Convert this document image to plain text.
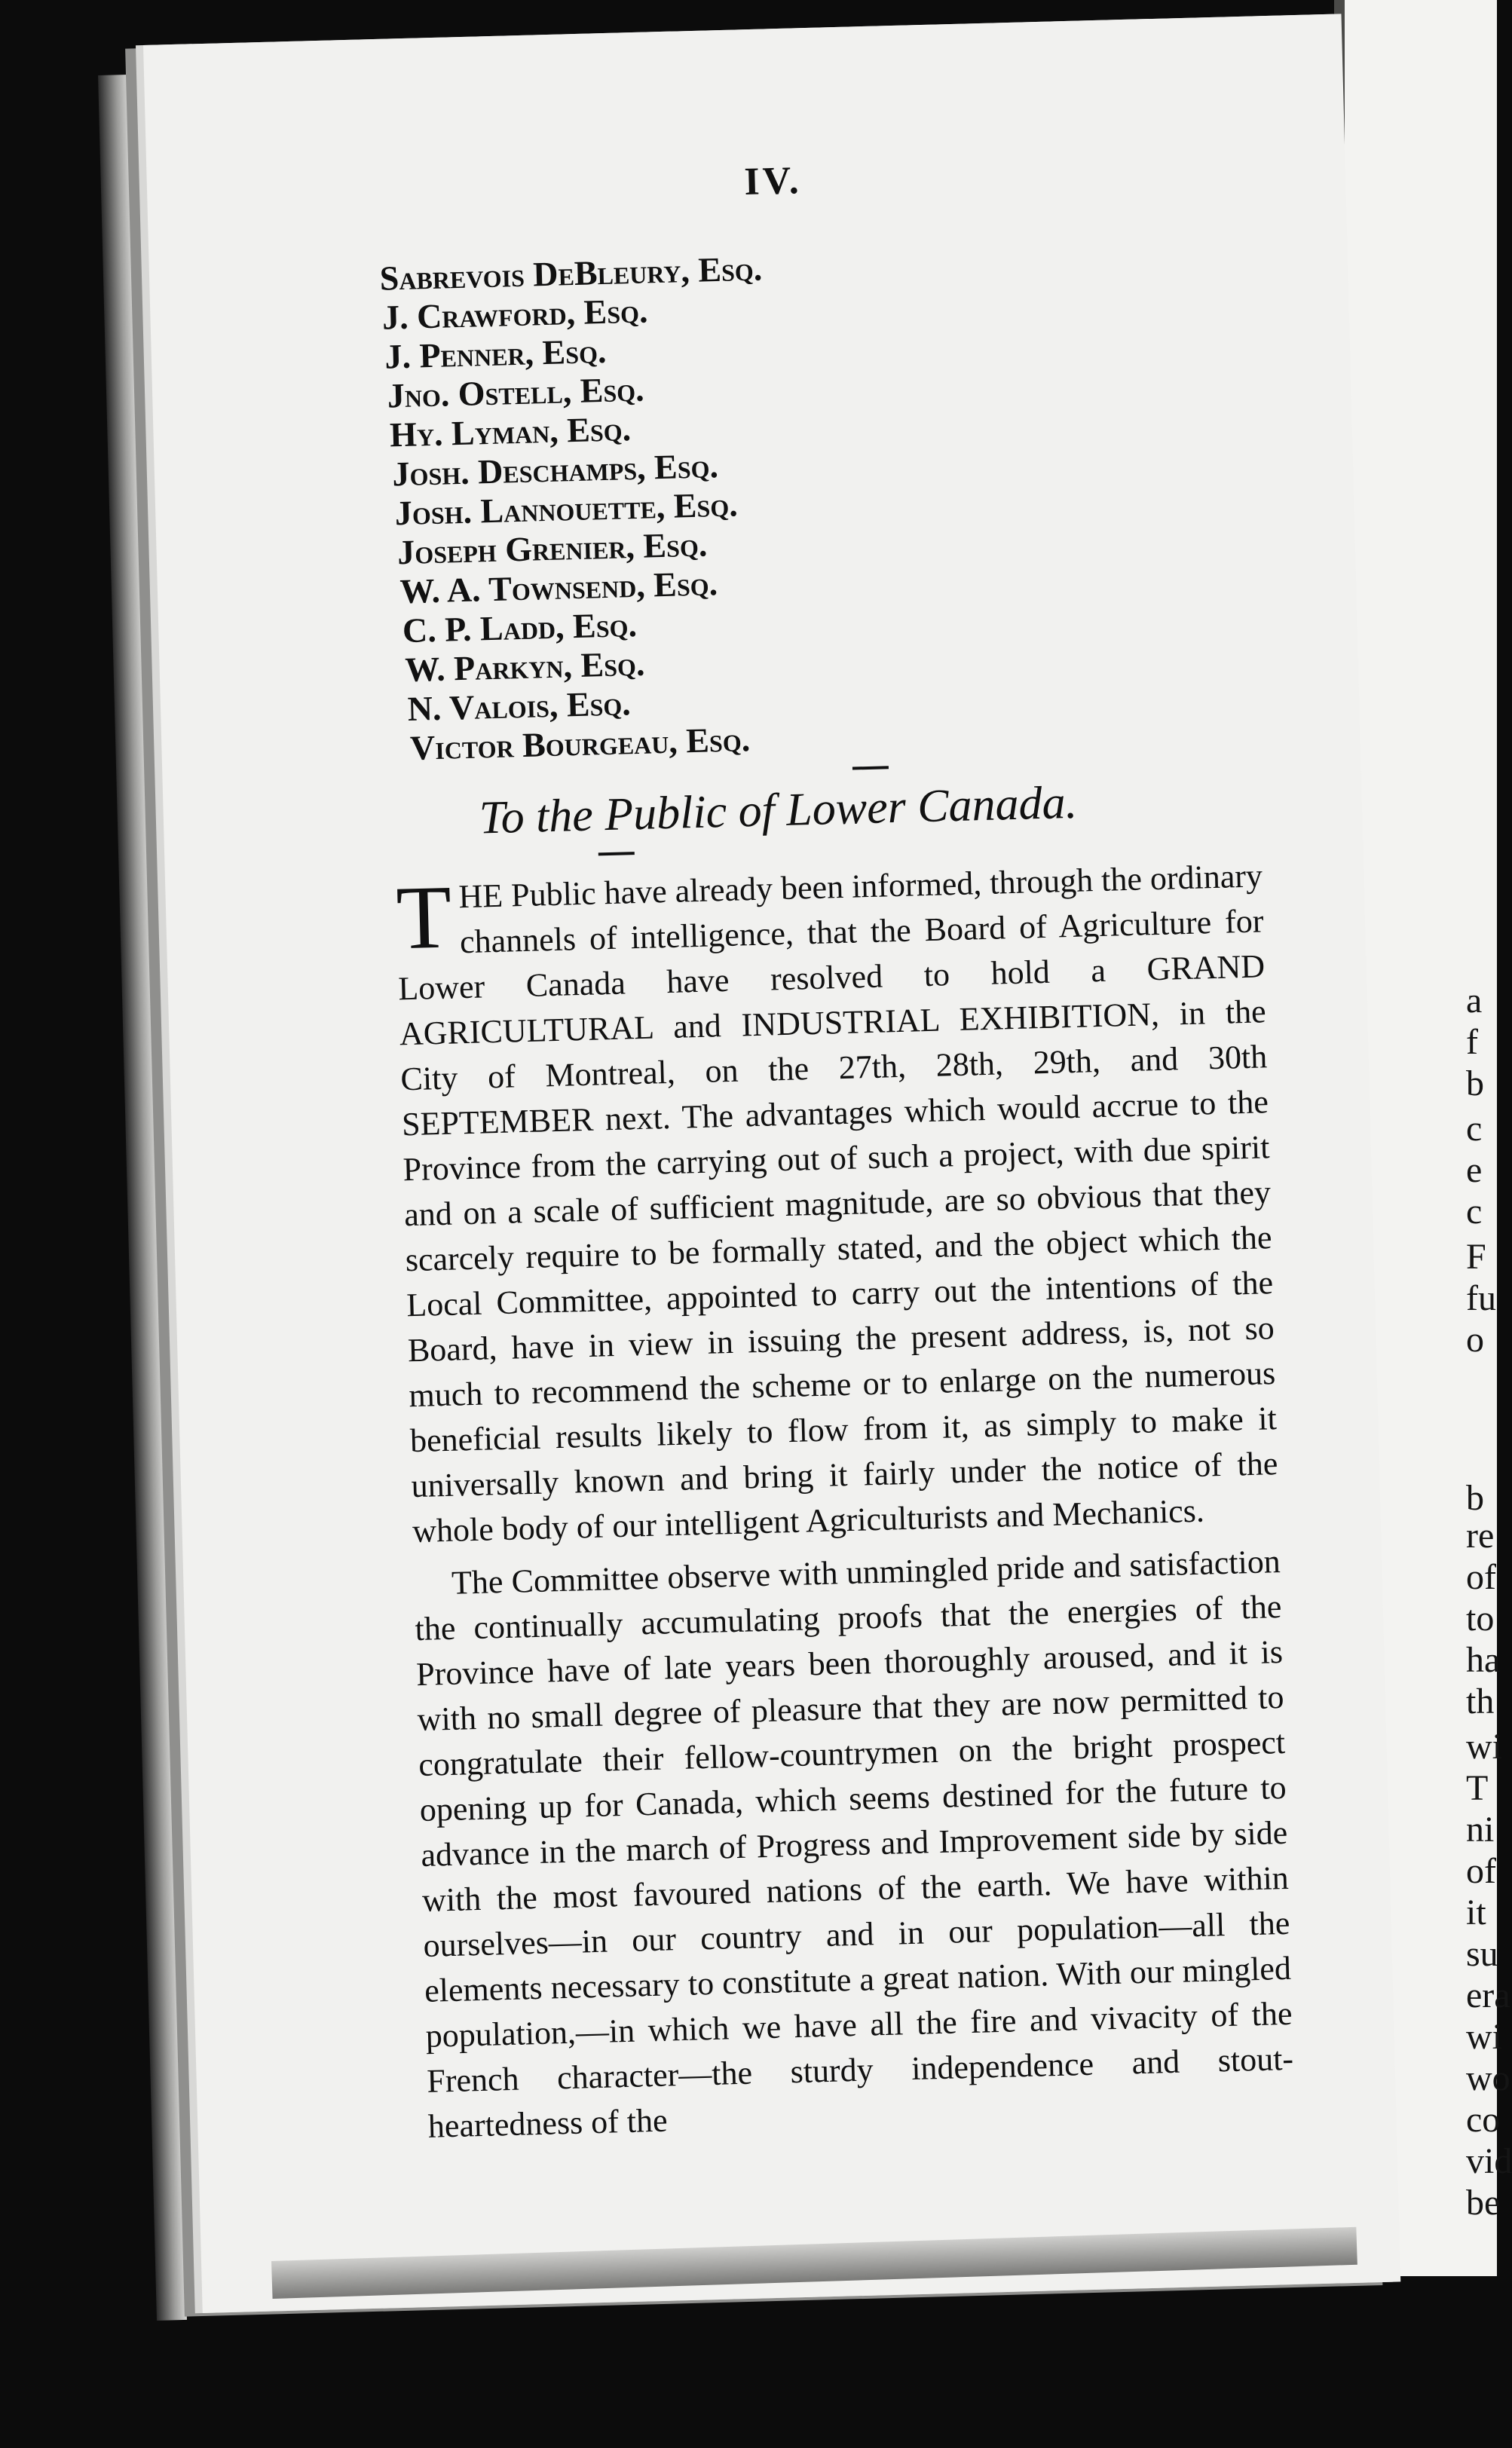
a
f
b
c
e
c
F
fu
o
b
re
of
to
ha
th
wi
T
ni
of
it
su
era
wi
wo
co
vid
be
IV.
Sabrevois DeBleury, Esq.
J. Crawford, Esq.
J. Penner, Esq.
Jno. Ostell, Esq.
Hy. Lyman, Esq.
Josh. Deschamps, Esq.
Josh. Lannouette, Esq.
Joseph Grenier, Esq.
W. A. Townsend, Esq.
C. P. Ladd, Esq.
W. Parkyn, Esq.
N. Valois, Esq.
Victor Bourgeau, Esq.
To the Public of Lower Canada.
T HE Public have already been informed, through the ordinary channels of intelligence, that the Board of Agriculture for Lower Canada have resolved to hold a GRAND AGRICULTURAL and INDUSTRIAL EXHIBITION, in the City of Montreal, on the 27th, 28th, 29th, and 30th SEPTEMBER next. The advantages which would accrue to the Province from the carrying out of such a project, with due spirit and on a scale of sufficient magnitude, are so obvious that they scarcely require to be formally stated, and the object which the Local Committee, appointed to carry out the intentions of the Board, have in view in issuing the present address, is, not so much to recommend the scheme or to enlarge on the numerous beneficial results likely to flow from it, as simply to make it universally known and bring it fairly under the notice of the whole body of our intelligent Agriculturists and Mechanics.
The Committee observe with unmingled pride and satisfaction the continually accumulating proofs that the energies of the Province have of late years been thoroughly aroused, and it is with no small degree of pleasure that they are now permitted to congratulate their fellow-countrymen on the bright prospect opening up for Canada, which seems destined for the future to advance in the march of Progress and Improvement side by side with the most favoured nations of the earth. We have within ourselves—in our country and in our population—all the elements necessary to constitute a great nation. With our mingled population,—in which we have all the fire and vivacity of the French character—the sturdy independence and stout-heartedness of the
